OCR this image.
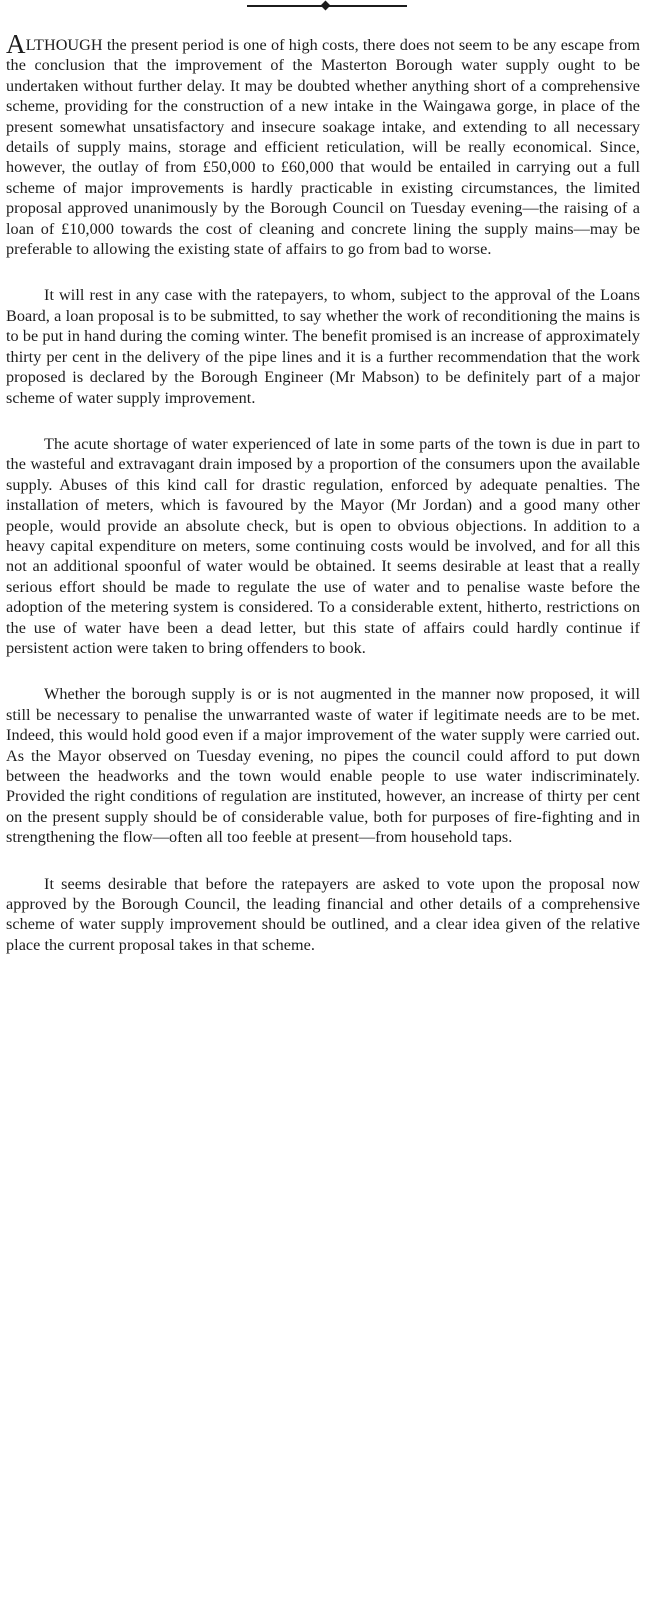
ALTHOUGH the present period is one of high costs, there does not seem to be any escape from the conclusion that the improvement of the Masterton Borough water supply ought to be undertaken without further delay. It may be doubted whether anything short of a comprehensive scheme, providing for the construction of a new intake in the Waingawa gorge, in place of the present somewhat unsatisfactory and insecure soakage intake, and extending to all necessary details of supply mains, storage and efficient reticulation, will be really economical. Since, however, the outlay of from £50,000 to £60,000 that would be entailed in carrying out a full scheme of major improvements is hardly practicable in existing circumstances, the limited proposal approved unanimously by the Borough Council on Tuesday evening—the raising of a loan of £10,000 towards the cost of cleaning and concrete lining the supply mains—may be preferable to allowing the existing state of affairs to go from bad to worse.

It will rest in any case with the ratepayers, to whom, subject to the approval of the Loans Board, a loan proposal is to be submitted, to say whether the work of reconditioning the mains is to be put in hand during the coming winter. The benefit promised is an increase of approximately thirty per cent in the delivery of the pipe lines and it is a further recommendation that the work proposed is declared by the Borough Engineer (Mr Mabson) to be definitely part of a major scheme of water supply improvement.

The acute shortage of water experienced of late in some parts of the town is due in part to the wasteful and extravagant drain imposed by a proportion of the consumers upon the available supply. Abuses of this kind call for drastic regulation, enforced by adequate penalties. The installation of meters, which is favoured by the Mayor (Mr Jordan) and a good many other people, would provide an absolute check, but is open to obvious objections. In addition to a heavy capital expenditure on meters, some continuing costs would be involved, and for all this not an additional spoonful of water would be obtained. It seems desirable at least that a really serious effort should be made to regulate the use of water and to penalise waste before the adoption of the metering system is considered. To a considerable extent, hitherto, restrictions on the use of water have been a dead letter, but this state of affairs could hardly continue if persistent action were taken to bring offenders to book.

Whether the borough supply is or is not augmented in the manner now proposed, it will still be necessary to penalise the unwarranted waste of water if legitimate needs are to be met. Indeed, this would hold good even if a major improvement of the water supply were carried out. As the Mayor observed on Tuesday evening, no pipes the council could afford to put down between the headworks and the town would enable people to use water indiscriminately. Provided the right conditions of regulation are instituted, however, an increase of thirty per cent on the present supply should be of considerable value, both for purposes of fire-fighting and in strengthening the flow—often all too feeble at present—from household taps.

It seems desirable that before the ratepayers are asked to vote upon the proposal now approved by the Borough Council, the leading financial and other details of a comprehensive scheme of water supply improvement should be outlined, and a clear idea given of the relative place the current proposal takes in that scheme.
